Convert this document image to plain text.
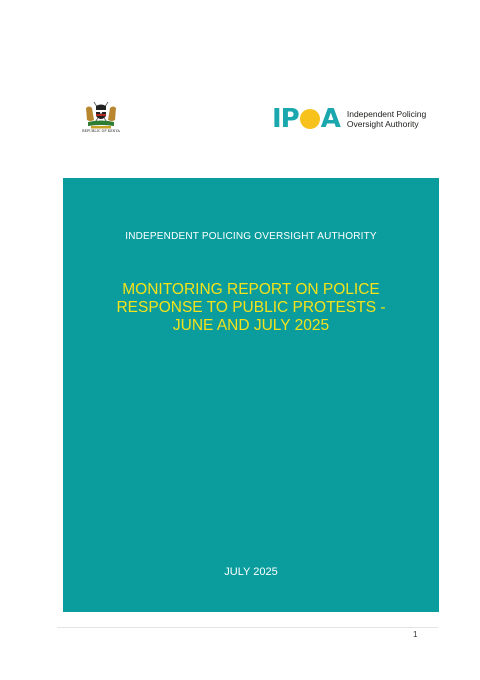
REPUBLIC OF KENYA	IP A Independent Policing
Oversight Authority
INDEPENDENT POLICING OVERSIGHT AUTHORITY
MONITORING REPORT ON POLICE
RESPONSE TO PUBLIC PROTESTS -
JUNE AND JULY 2025
JULY 2025
1
